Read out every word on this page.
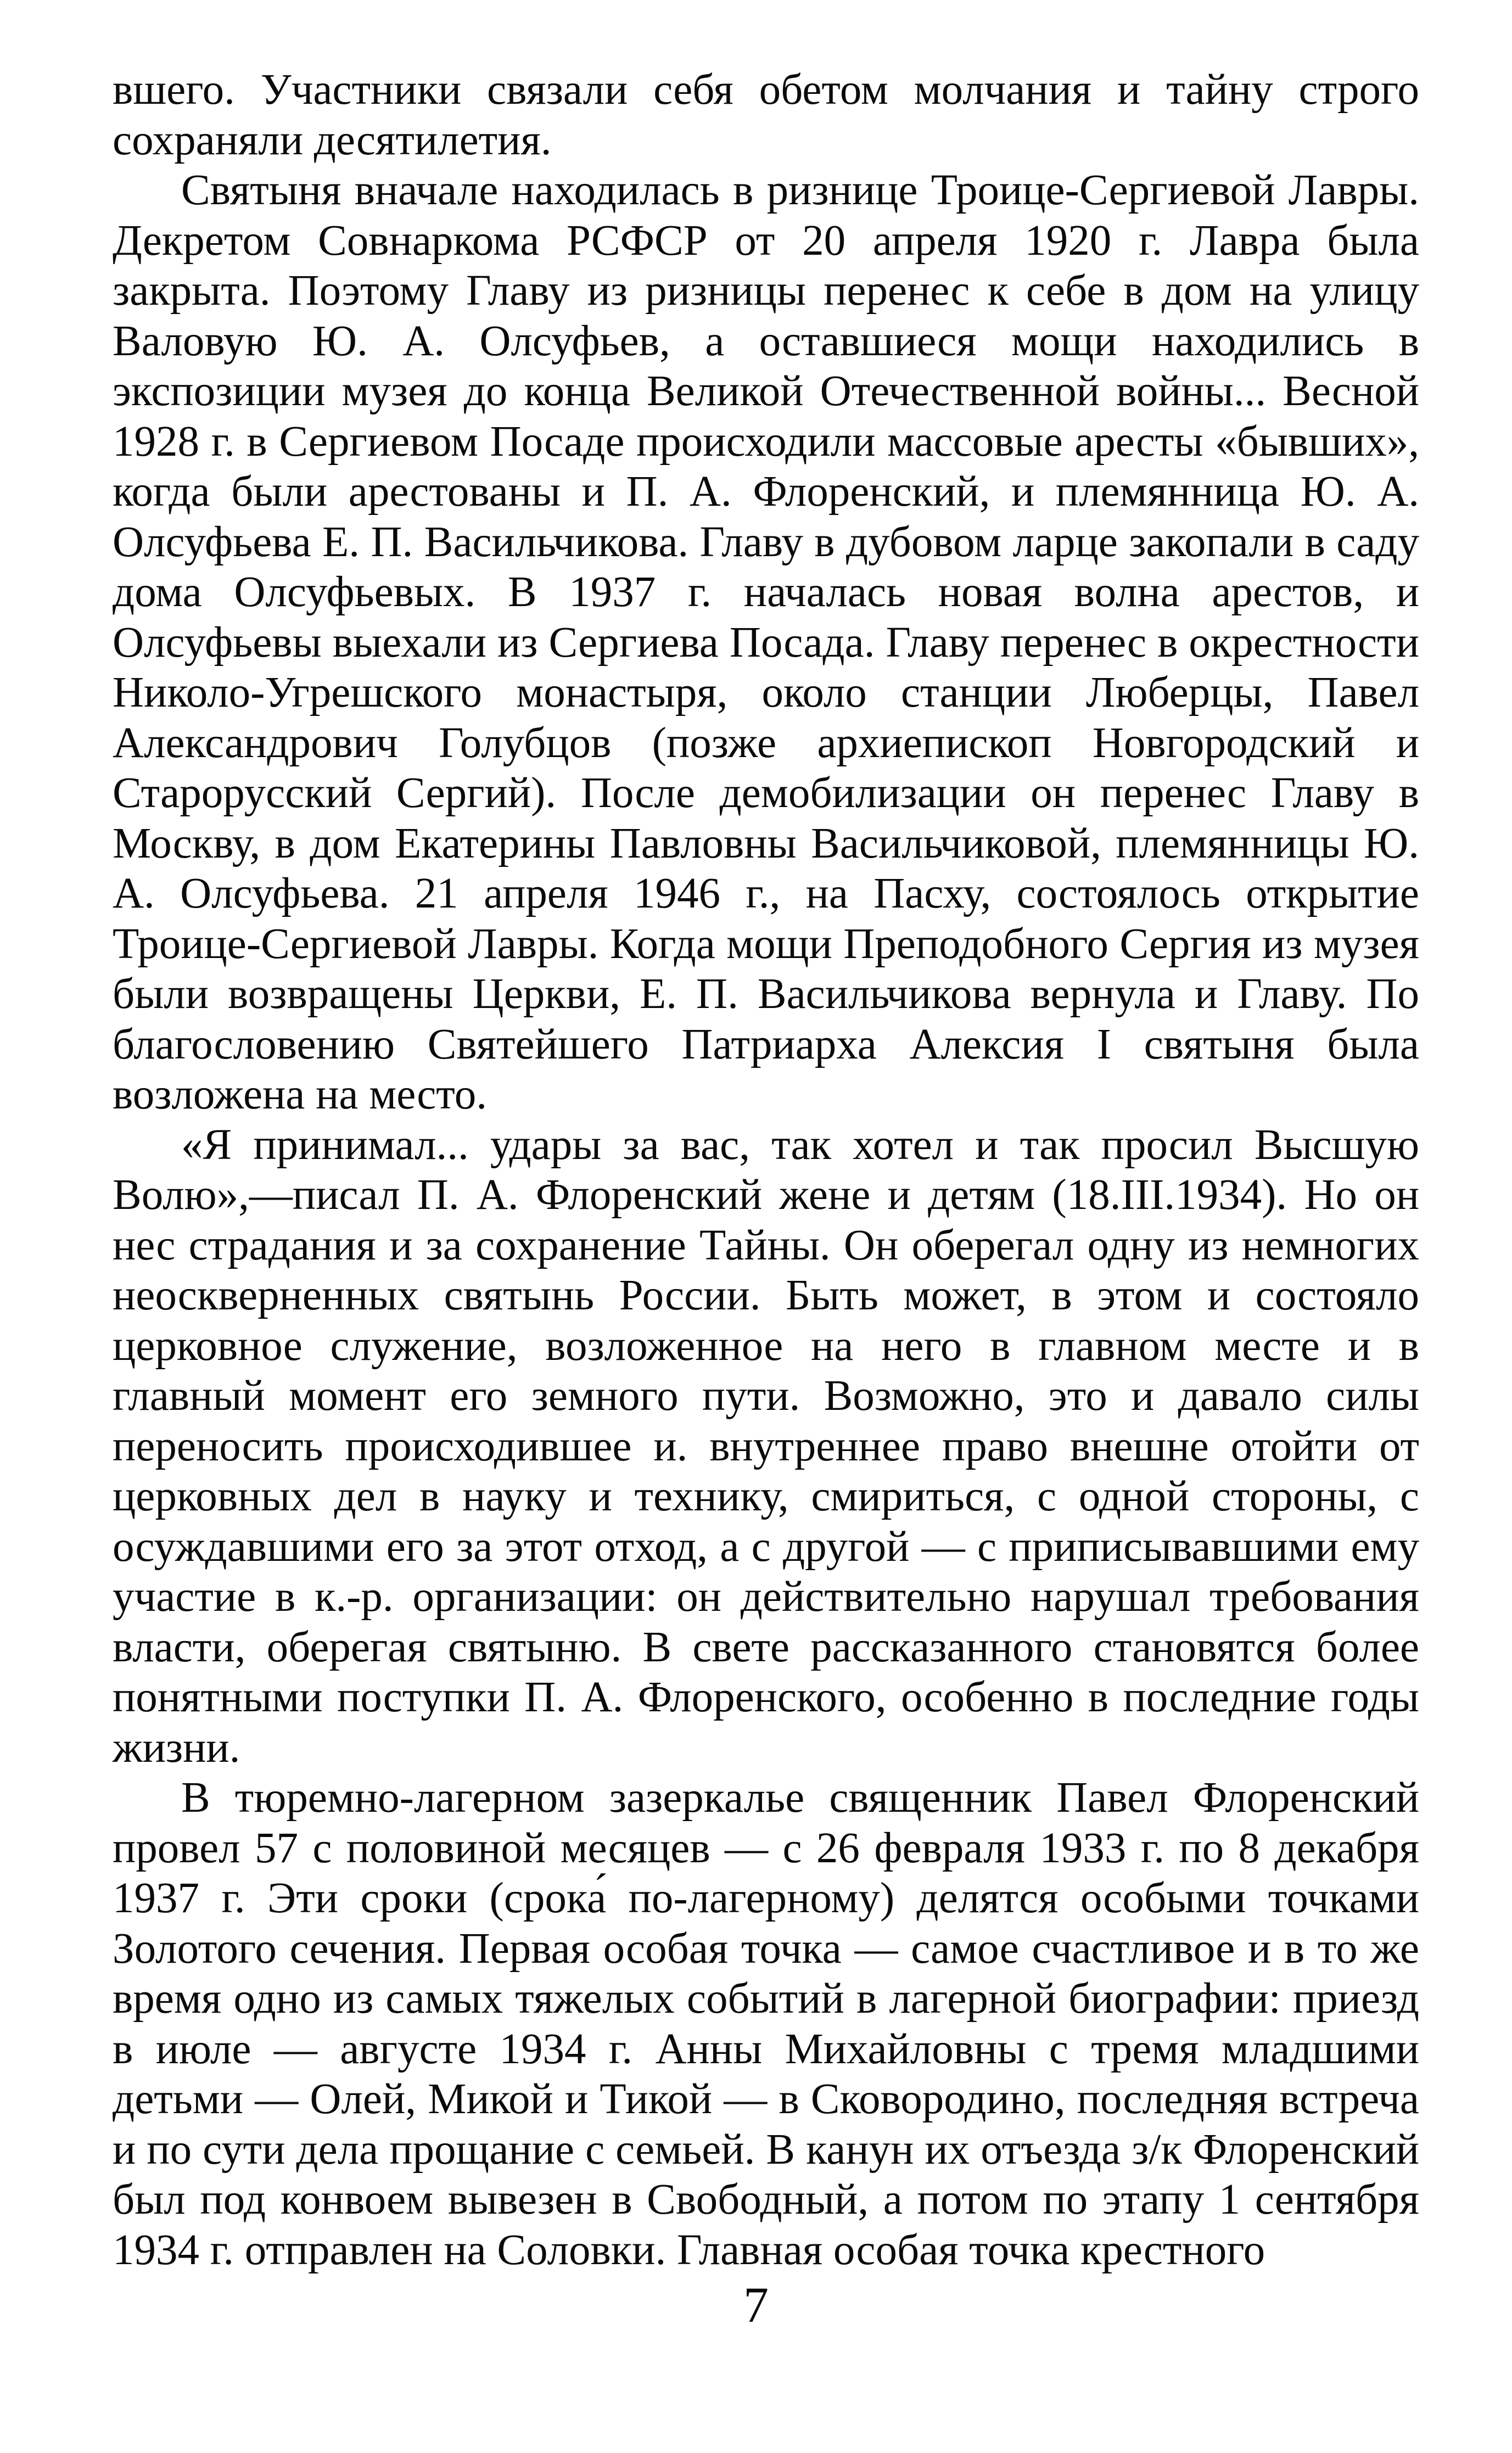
вшего. Участники связали себя обетом молчания и тайну строго сохраняли десятилетия.

Святыня вначале находилась в ризнице Троице-Сергиевой Лавры. Декретом Совнаркома РСФСР от 20 апреля 1920 г. Лавра была закрыта. Поэтому Главу из ризницы перенес к себе в дом на улицу Валовую Ю. А. Олсуфьев, а оставшиеся мощи находились в экспозиции музея до конца Великой Отечественной войны... Весной 1928 г. в Сергиевом Посаде происходили массовые аресты «бывших», когда были арестованы и П. А. Флоренский, и племянница Ю. А. Олсуфьева Е. П. Васильчикова. Главу в дубовом ларце закопали в саду дома Олсуфьевых. В 1937 г. началась новая волна арестов, и Олсуфьевы выехали из Сергиева Посада. Главу перенес в окрестности Николо-Угрешского монастыря, около станции Люберцы, Павел Александрович Голубцов (позже архиепископ Новгородский и Старорусский Сергий). После демобилизации он перенес Главу в Москву, в дом Екатерины Павловны Васильчиковой, племянницы Ю. А. Олсуфьева. 21 апреля 1946 г., на Пасху, состоялось открытие Троице-Сергиевой Лавры. Когда мощи Преподобного Сергия из музея были возвращены Церкви, Е. П. Васильчикова вернула и Главу. По благословению Святейшего Патриарха Алексия I святыня была возложена на место.

«Я принимал... удары за вас, так хотел и так просил Высшую Волю»,—писал П. А. Флоренский жене и детям (18.III.1934). Но он нес страдания и за сохранение Тайны. Он оберегал одну из немногих неоскверненных святынь России. Быть может, в этом и состояло церковное служение, возложенное на него в главном месте и в главный момент его земного пути. Возможно, это и давало силы переносить происходившее и. внутреннее право внешне отойти от церковных дел в науку и технику, смириться, с одной стороны, с осуждавшими его за этот отход, а с другой — с приписывавшими ему участие в к.-р. организации: он действительно нарушал требования власти, оберегая святыню. В свете рассказанного становятся более понятными поступки П. А. Флоренского, особенно в последние годы жизни.

В тюремно-лагерном зазеркалье священник Павел Флоренский провел 57 с половиной месяцев — с 26 февраля 1933 г. по 8 декабря 1937 г. Эти сроки (срока́ по-лагерному) делятся особыми точками Золотого сечения. Первая особая точка — самое счастливое и в то же время одно из самых тяжелых событий в лагерной биографии: приезд в июле — августе 1934 г. Анны Михайловны с тремя младшими детьми — Олей, Микой и Тикой — в Сковородино, последняя встреча и по сути дела прощание с семьей. В канун их отъезда з/к Флоренский был под конвоем вывезен в Свободный, а потом по этапу 1 сентября 1934 г. отправлен на Соловки. Главная особая точка крестного

7
